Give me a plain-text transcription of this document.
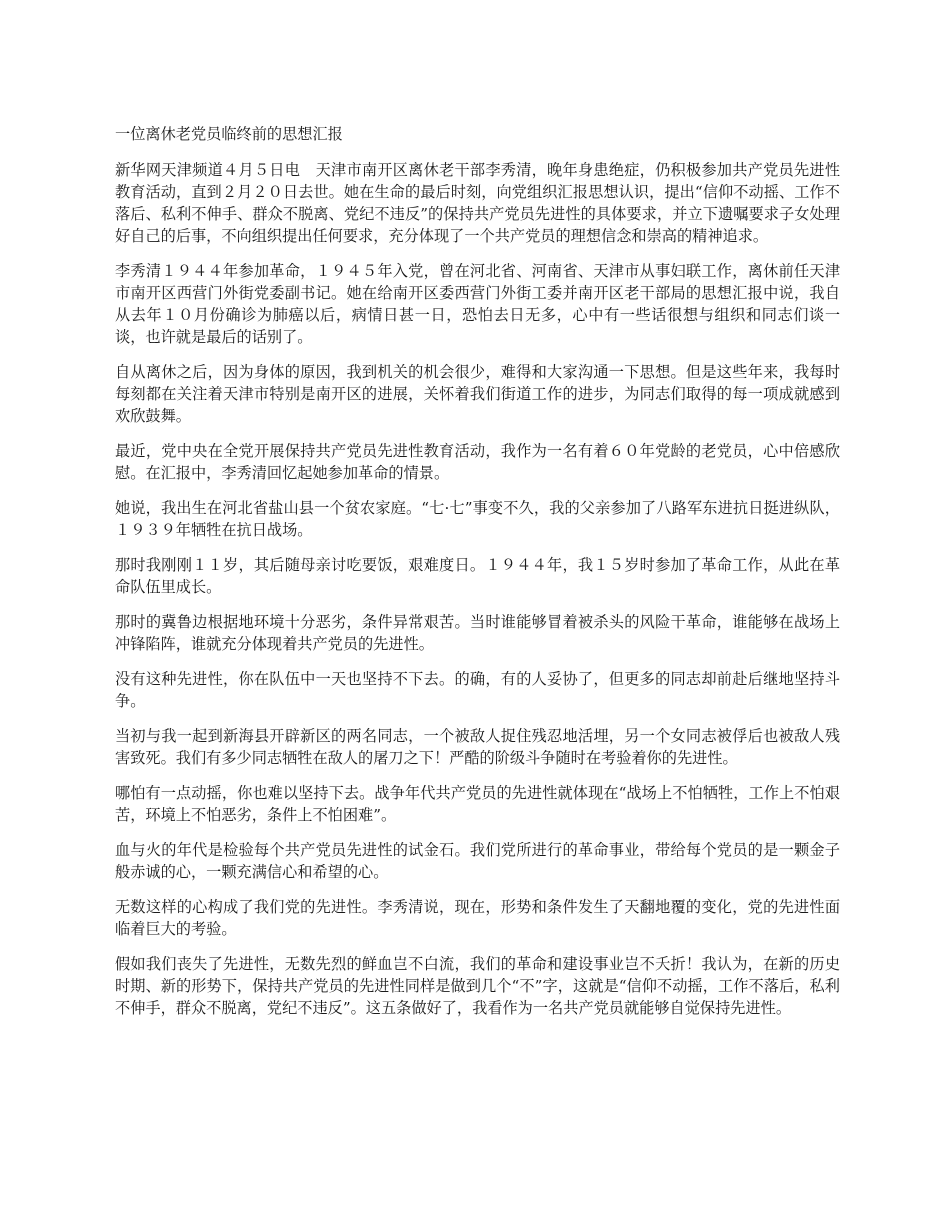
一位离休老党员临终前的思想汇报

新华网天津频道４月５日电　天津市南开区离休老干部李秀清，晚年身患绝症，仍积极参加共产党员先进性教育活动，直到２月２０日去世。她在生命的最后时刻，向党组织汇报思想认识，提出“信仰不动摇、工作不落后、私利不伸手、群众不脱离、党纪不违反”的保持共产党员先进性的具体要求，并立下遗嘱要求子女处理好自己的后事，不向组织提出任何要求，充分体现了一个共产党员的理想信念和崇高的精神追求。

李秀清１９４４年参加革命，１９４５年入党，曾在河北省、河南省、天津市从事妇联工作，离休前任天津市南开区西营门外街党委副书记。她在给南开区委西营门外街工委并南开区老干部局的思想汇报中说，我自从去年１０月份确诊为肺癌以后，病情日甚一日，恐怕去日无多，心中有一些话很想与组织和同志们谈一谈，也许就是最后的话别了。

自从离休之后，因为身体的原因，我到机关的机会很少，难得和大家沟通一下思想。但是这些年来，我每时每刻都在关注着天津市特别是南开区的进展，关怀着我们街道工作的进步，为同志们取得的每一项成就感到欢欣鼓舞。

最近，党中央在全党开展保持共产党员先进性教育活动，我作为一名有着６０年党龄的老党员，心中倍感欣慰。在汇报中，李秀清回忆起她参加革命的情景。

她说，我出生在河北省盐山县一个贫农家庭。“七·七”事变不久，我的父亲参加了八路军东进抗日挺进纵队，１９３９年牺牲在抗日战场。

那时我刚刚１１岁，其后随母亲讨吃要饭，艰难度日。１９４４年，我１５岁时参加了革命工作，从此在革命队伍里成长。

那时的冀鲁边根据地环境十分恶劣，条件异常艰苦。当时谁能够冒着被杀头的风险干革命，谁能够在战场上冲锋陷阵，谁就充分体现着共产党员的先进性。

没有这种先进性，你在队伍中一天也坚持不下去。的确，有的人妥协了，但更多的同志却前赴后继地坚持斗争。

当初与我一起到新海县开辟新区的两名同志，一个被敌人捉住残忍地活埋，另一个女同志被俘后也被敌人残害致死。我们有多少同志牺牲在敌人的屠刀之下！严酷的阶级斗争随时在考验着你的先进性。

哪怕有一点动摇，你也难以坚持下去。战争年代共产党员的先进性就体现在“战场上不怕牺牲，工作上不怕艰苦，环境上不怕恶劣，条件上不怕困难”。

血与火的年代是检验每个共产党员先进性的试金石。我们党所进行的革命事业，带给每个党员的是一颗金子般赤诚的心，一颗充满信心和希望的心。

无数这样的心构成了我们党的先进性。李秀清说，现在，形势和条件发生了天翻地覆的变化，党的先进性面临着巨大的考验。

假如我们丧失了先进性，无数先烈的鲜血岂不白流，我们的革命和建设事业岂不夭折！我认为，在新的历史时期、新的形势下，保持共产党员的先进性同样是做到几个“不”字，这就是“信仰不动摇，工作不落后，私利不伸手，群众不脱离，党纪不违反”。这五条做好了，我看作为一名共产党员就能够自觉保持先进性。
